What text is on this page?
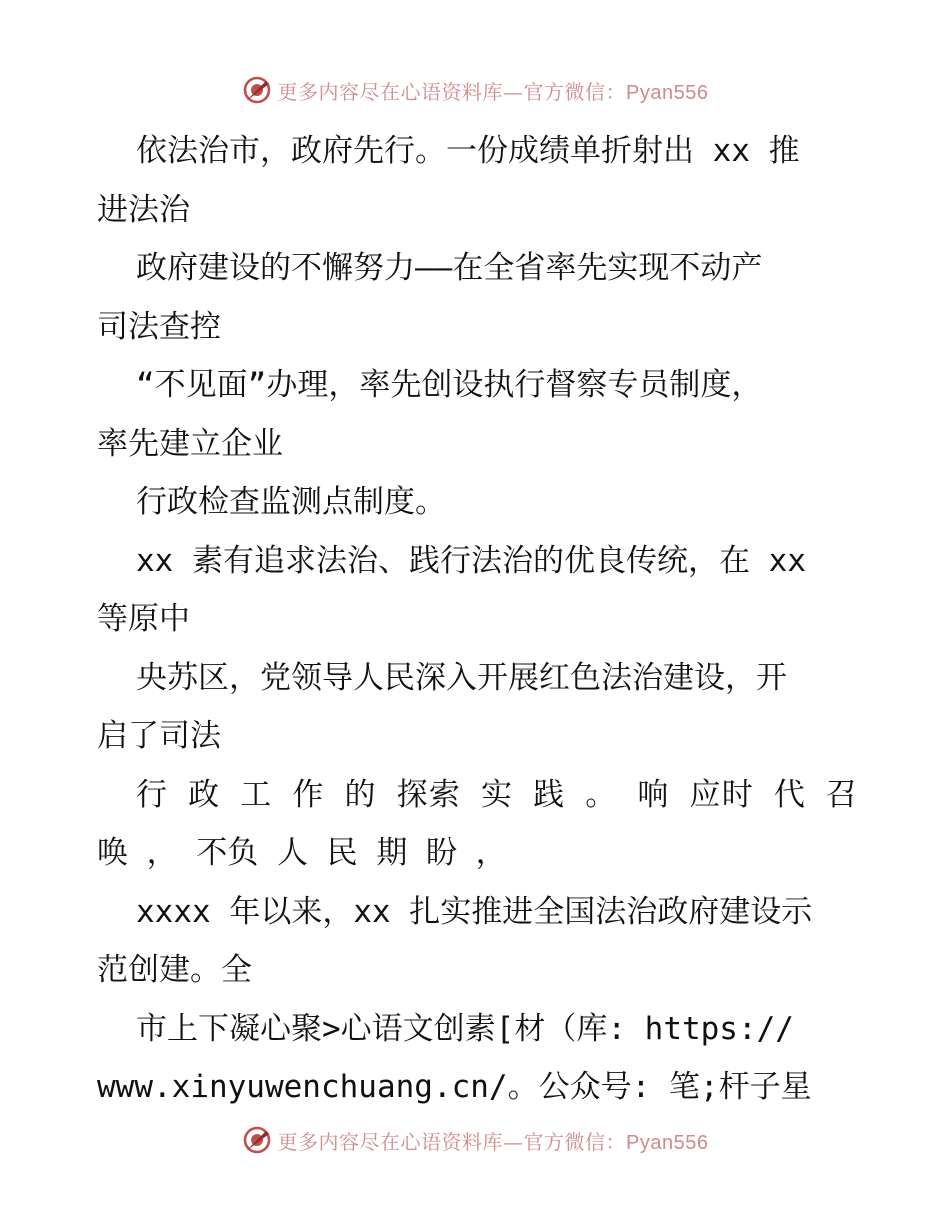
更多内容尽在心语资料库—官方微信：Pyan556
依法治市，政府先行。一份成绩单折射出 xx 推
进法治
政府建设的不懈努力——在全省率先实现不动产
司法查控
“不见面”办理，率先创设执行督察专员制度，
率先建立企业
行政检查监测点制度。
xx 素有追求法治、践行法治的优良传统，在 xx
等原中
央苏区，党领导人民深入开展红色法治建设，开
启了司法
行 政 工 作 的 探索 实 践 。 响 应时 代 召
唤 ， 不负 人 民 期 盼 ，
xxxx 年以来，xx 扎实推进全国法治政府建设示
范创建。全
市上下凝心聚>心语文创素[材（库: https://
www.xinyuwenchuang.cn/。公众号: 笔;杆子星
更多内容尽在心语资料库—官方微信：Pyan556
